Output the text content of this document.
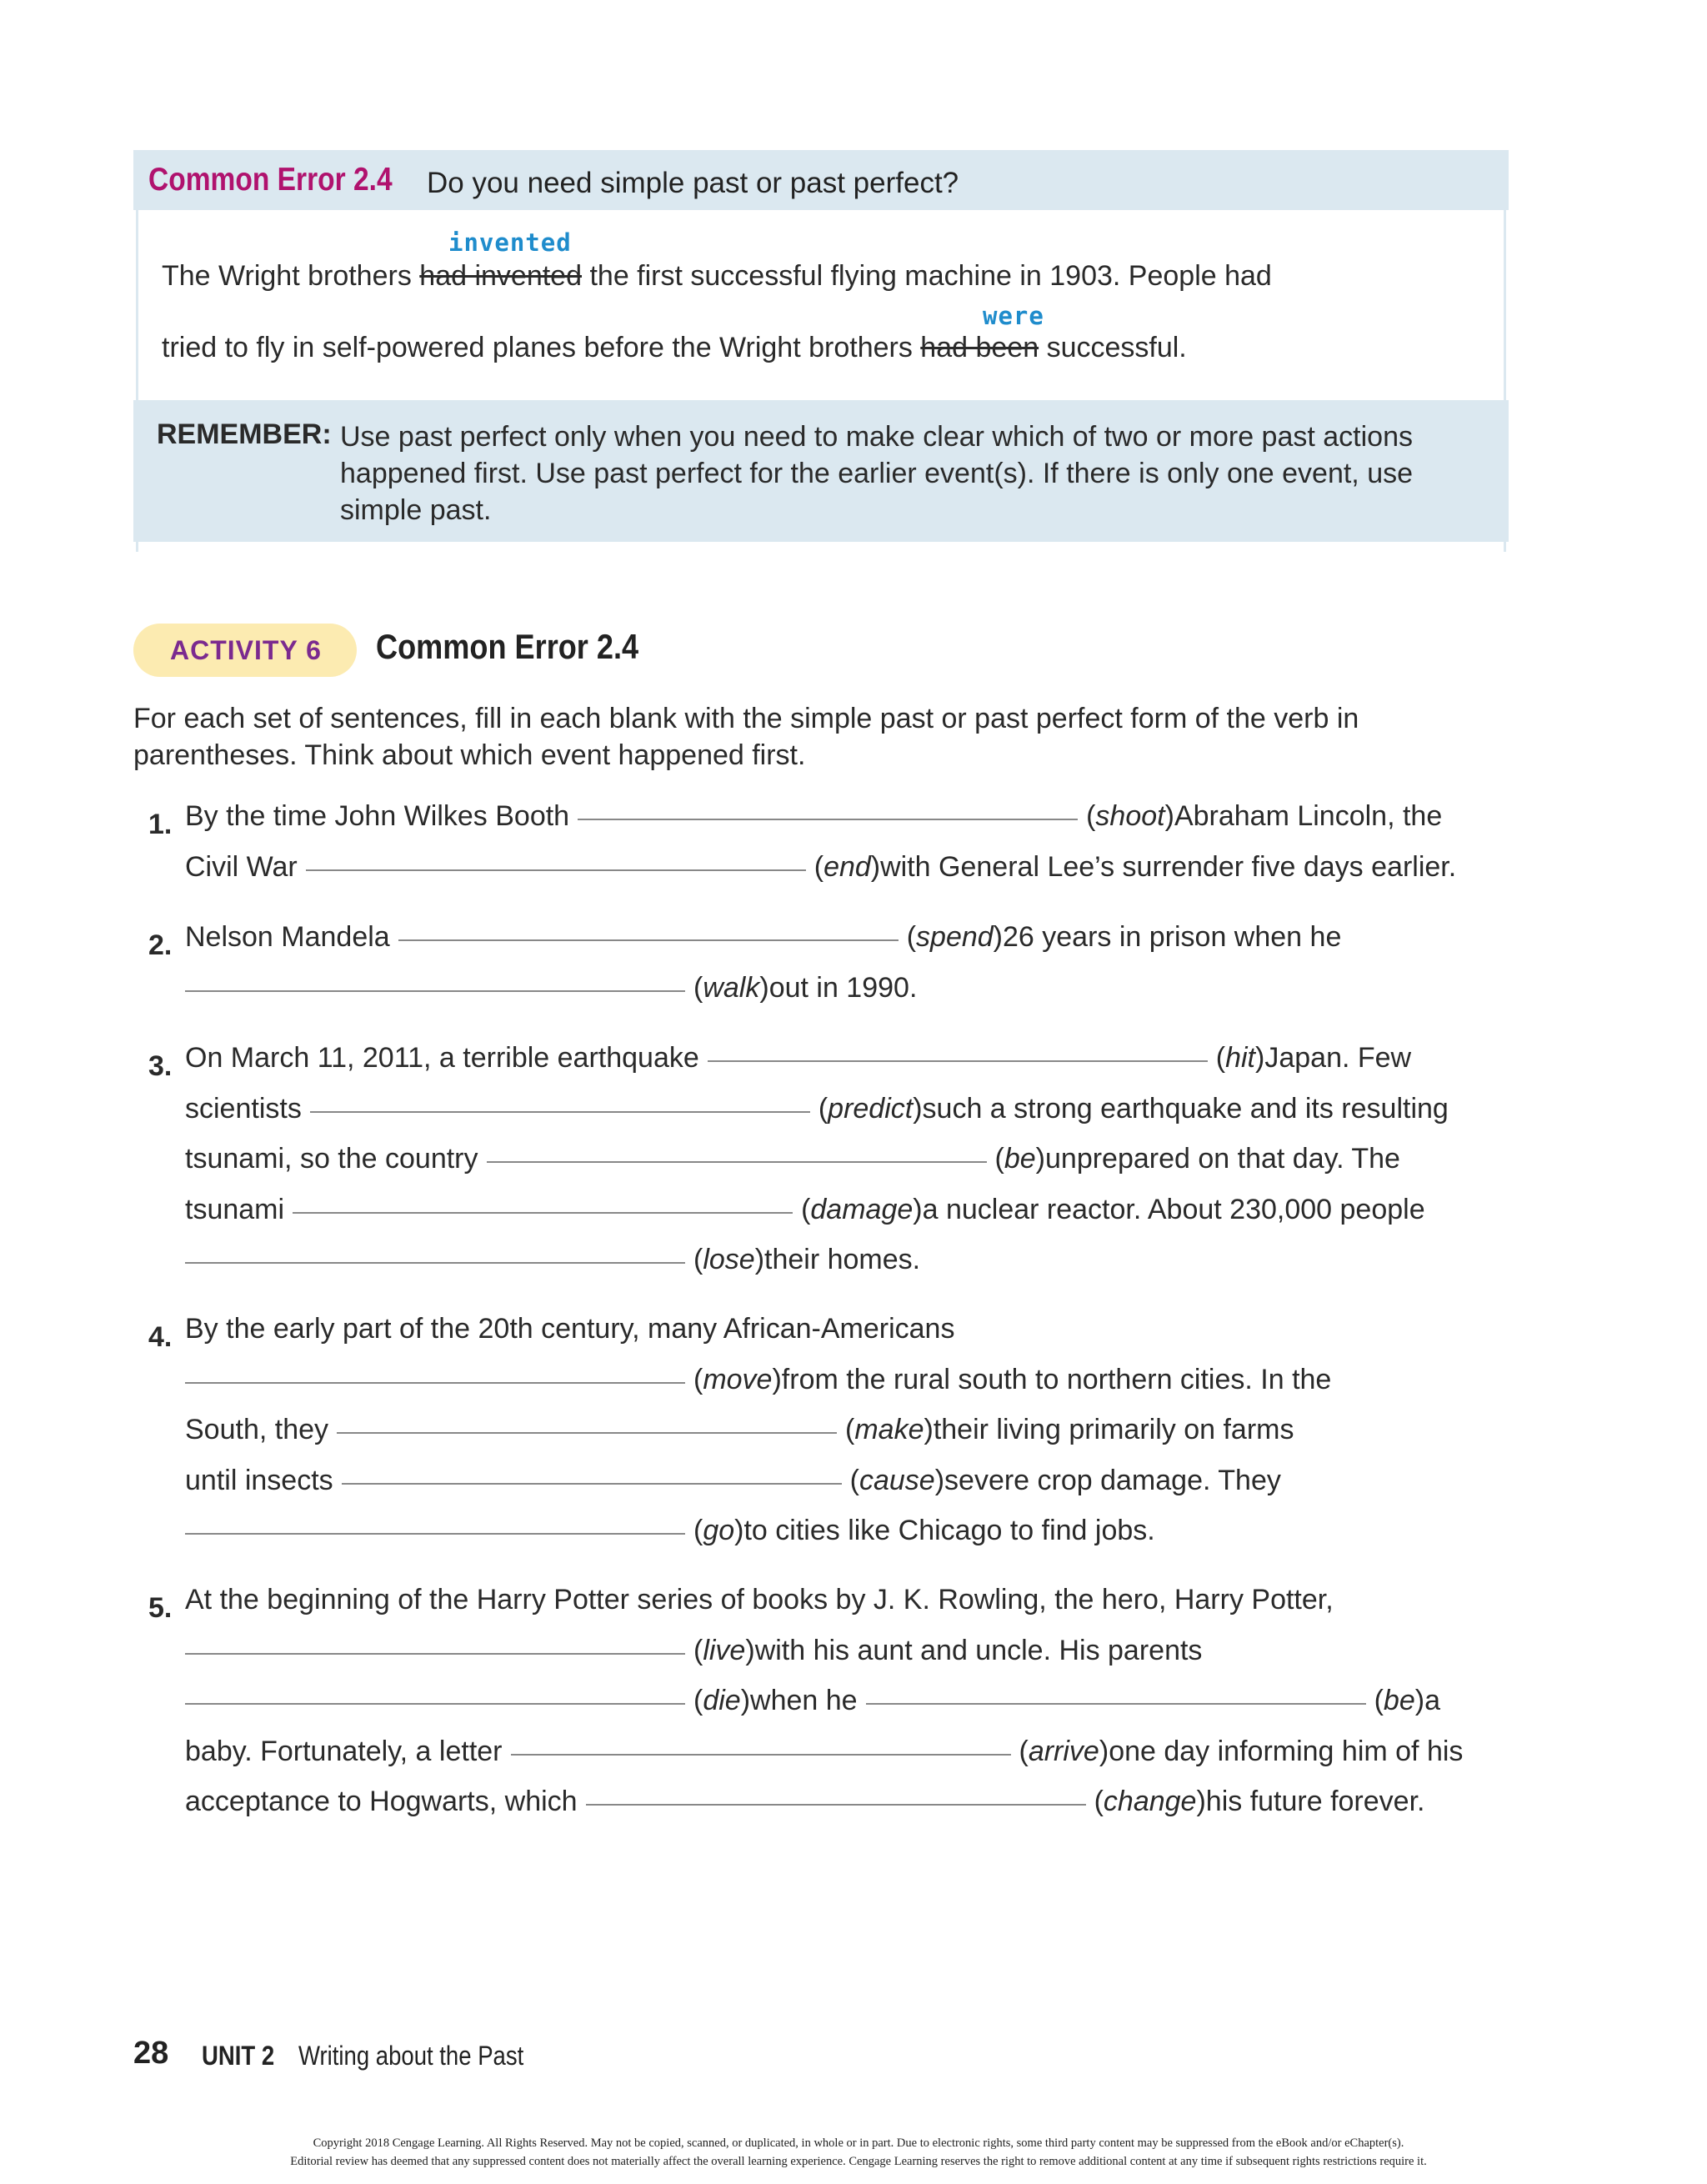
Common Error 2.4 Do you need simple past or past perfect?
invented
The Wright brothers had invented the first successful flying machine in 1903. People had
were
tried to fly in self-powered planes before the Wright brothers had been successful.
REMEMBER: Use past perfect only when you need to make clear which of two or more past actions happened first. Use past perfect for the earlier event(s). If there is only one event, use simple past.
ACTIVITY 6 Common Error 2.4
For each set of sentences, fill in each blank with the simple past or past perfect form of the verb in parentheses. Think about which event happened first.
1. By the time John Wilkes Booth	(shoot) Abraham Lincoln, the
Civil War	(end) with General Lee’s surrender five days earlier.
2. Nelson Mandela	(spend) 26 years in prison when he
(walk) out in 1990.
3. On March 11, 2011, a terrible earthquake	(hit) Japan. Few
scientists	(predict) such a strong earthquake and its resulting
tsunami, so the country	(be) unprepared on that day. The
tsunami	(damage) a nuclear reactor. About 230,000 people
(lose) their homes.
4. By the early part of the 20th century, many African-Americans
(move) from the rural south to northern cities. In the
South, they	(make) their living primarily on farms
until insects	(cause) severe crop damage. They
(go) to cities like Chicago to find jobs.
5. At the beginning of the Harry Potter series of books by J. K. Rowling, the hero, Harry Potter,
(live) with his aunt and uncle. His parents
(die) when he	(be) a
baby. Fortunately, a letter	(arrive) one day informing him of his
acceptance to Hogwarts, which	(change) his future forever.
28 UNIT 2 Writing about the Past
Copyright 2018 Cengage Learning. All Rights Reserved. May not be copied, scanned, or duplicated, in whole or in part. Due to electronic rights, some third party content may be suppressed from the eBook and/or eChapter(s).
Editorial review has deemed that any suppressed content does not materially affect the overall learning experience. Cengage Learning reserves the right to remove additional content at any time if subsequent rights restrictions require it.
